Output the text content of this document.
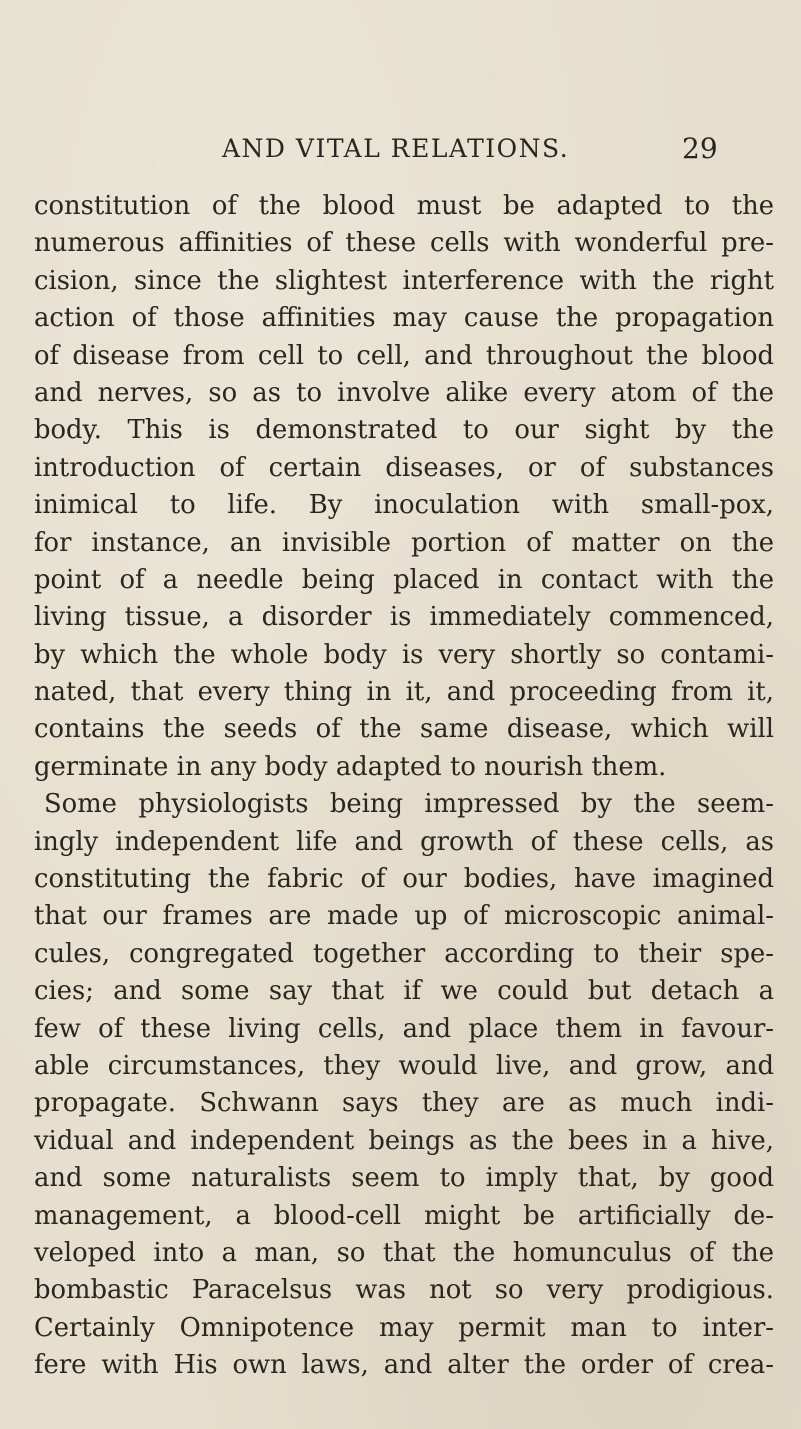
AND VITAL RELATIONS.	29
constitution of the blood must be adapted to the
numerous affinities of these cells with wonderful pre-
cision, since the slightest interference with the right
action of those affinities may cause the propagation
of disease from cell to cell, and throughout the blood
and nerves, so as to involve alike every atom of the
body. This is demonstrated to our sight by the
introduction of certain diseases, or of substances
inimical to life. By inoculation with small-pox,
for instance, an invisible portion of matter on the
point of a needle being placed in contact with the
living tissue, a disorder is immediately commenced,
by which the whole body is very shortly so contami-
nated, that every thing in it, and proceeding from it,
contains the seeds of the same disease, which will
germinate in any body adapted to nourish them.
Some physiologists being impressed by the seem-
ingly independent life and growth of these cells, as
constituting the fabric of our bodies, have imagined
that our frames are made up of microscopic animal-
cules, congregated together according to their spe-
cies; and some say that if we could but detach a
few of these living cells, and place them in favour-
able circumstances, they would live, and grow, and
propagate. Schwann says they are as much indi-
vidual and independent beings as the bees in a hive,
and some naturalists seem to imply that, by good
management, a blood-cell might be artificially de-
veloped into a man, so that the homunculus of the
bombastic Paracelsus was not so very prodigious.
Certainly Omnipotence may permit man to inter-
fere with His own laws, and alter the order of crea-
